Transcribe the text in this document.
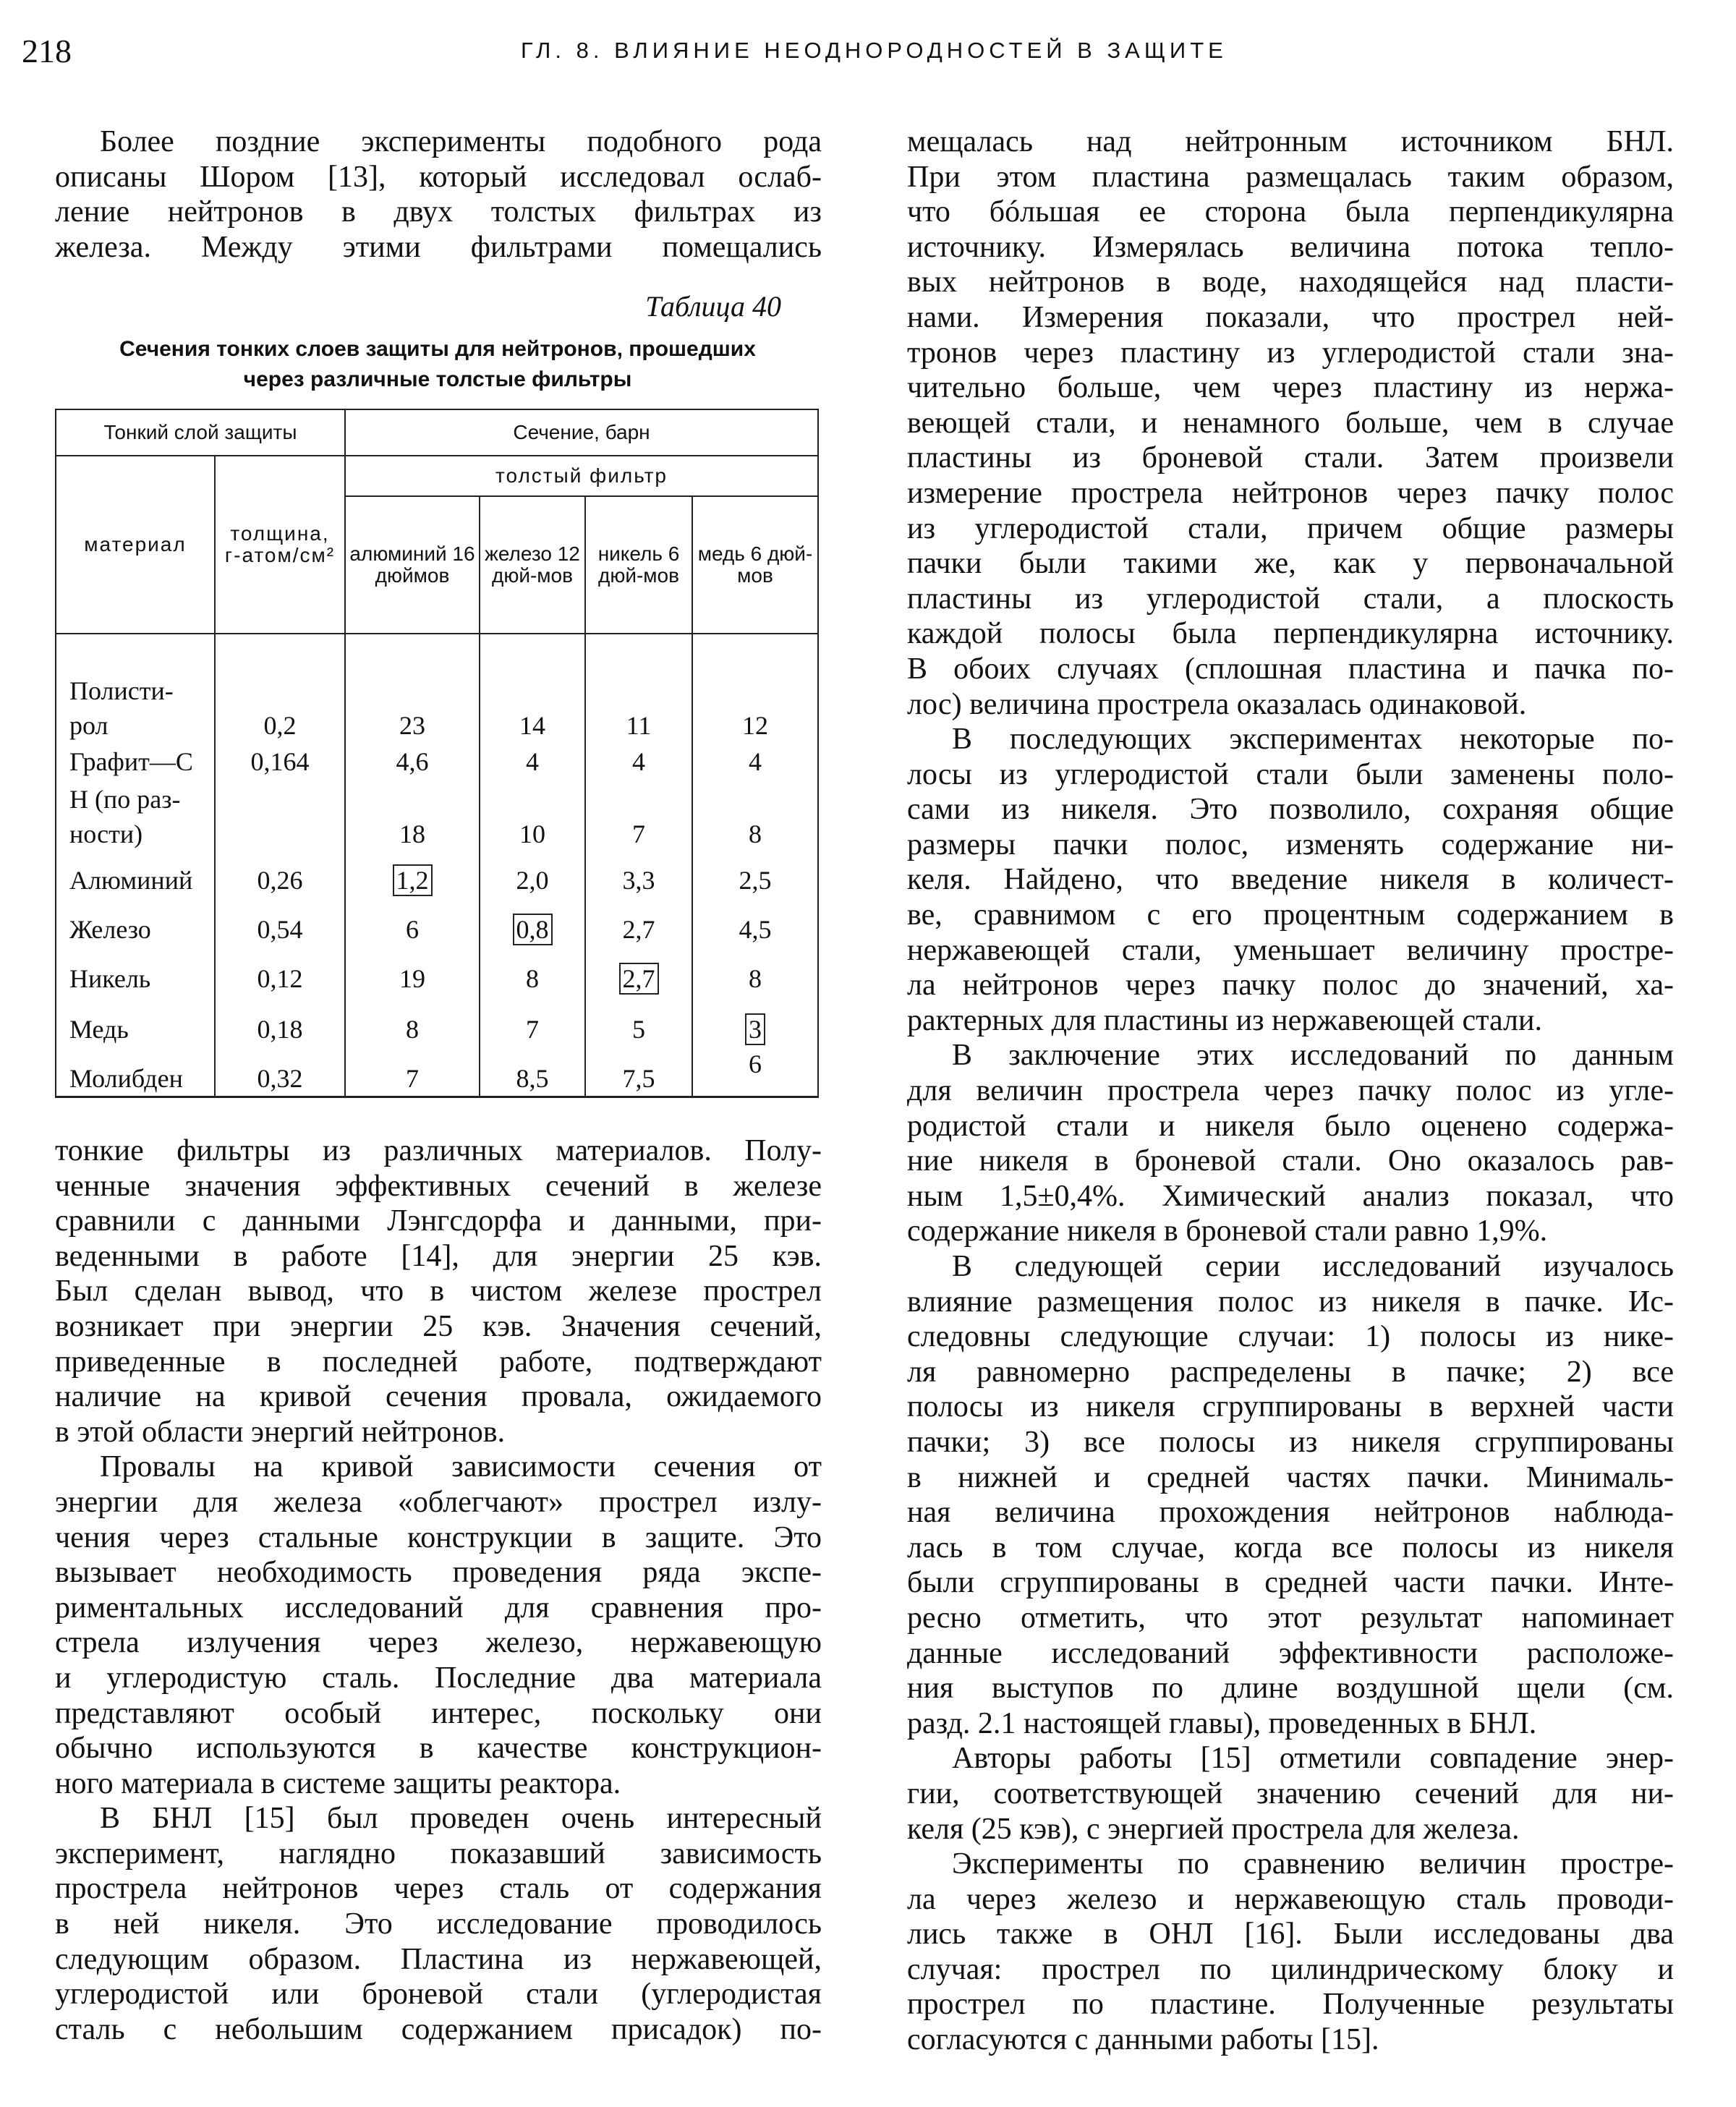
218	ГЛ. 8. ВЛИЯНИЕ НЕОДНОРОДНОСТЕЙ В ЗАЩИТЕ
Более поздние эксперименты подобного рода
описаны Шором [13], который исследовал ослаб-
ление нейтронов в двух толстых фильтрах из
железа. Между этими фильтрами помещались
Таблица 40
Сечения тонких слоев защиты для нейтронов, прошедших
через различные толстые фильтры
Тонкий слой защиты		Сечение, барн			
материал	толщина, г-атом/см²	толстый фильтр			
		алюминий 16 дюймов	железо 12 дюй-мов	никель 6 дюй-мов	медь 6 дюй-мов
Полисти-
рол	0,2	23	14	11	12
Графит—С	0,164	4,6	4	4	4
Н (по раз-
ности)		18	10	7	8
Алюминий	0,26	1,2	2,0	3,3	2,5
Железо	0,54	6	0,8	2,7	4,5
Никель	0,12	19	8	2,7	8
Медь	0,18	8	7	5	3
Молибден	0,32	7	8,5	7,5	6
тонкие фильтры из различных материалов. Полу-
ченные значения эффективных сечений в железе
сравнили с данными Лэнгсдорфа и данными, при-
веденными в работе [14], для энергии 25 кэв.
Был сделан вывод, что в чистом железе прострел
возникает при энергии 25 кэв. Значения сечений,
приведенные в последней работе, подтверждают
наличие на кривой сечения провала, ожидаемого
в этой области энергий нейтронов.
Провалы на кривой зависимости сечения от
энергии для железа «облегчают» прострел излу-
чения через стальные конструкции в защите. Это
вызывает необходимость проведения ряда экспе-
риментальных исследований для сравнения про-
стрела излучения через железо, нержавеющую
и углеродистую сталь. Последние два материала
представляют особый интерес, поскольку они
обычно используются в качестве конструкцион-
ного материала в системе защиты реактора.
В БНЛ [15] был проведен очень интересный
эксперимент, наглядно показавший зависимость
прострела нейтронов через сталь от содержания
в ней никеля. Это исследование проводилось
следующим образом. Пластина из нержавеющей,
углеродистой или броневой стали (углеродистая
сталь с небольшим содержанием присадок) по-
мещалась над нейтронным источником БНЛ.
При этом пластина размещалась таким образом,
что бóльшая ее сторона была перпендикулярна
источнику. Измерялась величина потока тепло-
вых нейтронов в воде, находящейся над пласти-
нами. Измерения показали, что прострел ней-
тронов через пластину из углеродистой стали зна-
чительно больше, чем через пластину из нержа-
веющей стали, и ненамного больше, чем в случае
пластины из броневой стали. Затем произвели
измерение прострела нейтронов через пачку полос
из углеродистой стали, причем общие размеры
пачки были такими же, как у первоначальной
пластины из углеродистой стали, а плоскость
каждой полосы была перпендикулярна источнику.
В обоих случаях (сплошная пластина и пачка по-
лос) величина прострела оказалась одинаковой.
В последующих экспериментах некоторые по-
лосы из углеродистой стали были заменены поло-
сами из никеля. Это позволило, сохраняя общие
размеры пачки полос, изменять содержание ни-
келя. Найдено, что введение никеля в количест-
ве, сравнимом с его процентным содержанием в
нержавеющей стали, уменьшает величину простре-
ла нейтронов через пачку полос до значений, ха-
рактерных для пластины из нержавеющей стали.
В заключение этих исследований по данным
для величин прострела через пачку полос из угле-
родистой стали и никеля было оценено содержа-
ние никеля в броневой стали. Оно оказалось рав-
ным 1,5±0,4%. Химический анализ показал, что
содержание никеля в броневой стали равно 1,9%.
В следующей серии исследований изучалось
влияние размещения полос из никеля в пачке. Ис-
следовны следующие случаи: 1) полосы из нике-
ля равномерно распределены в пачке; 2) все
полосы из никеля сгруппированы в верхней части
пачки; 3) все полосы из никеля сгруппированы
в нижней и средней частях пачки. Минималь-
ная величина прохождения нейтронов наблюда-
лась в том случае, когда все полосы из никеля
были сгруппированы в средней части пачки. Инте-
ресно отметить, что этот результат напоминает
данные исследований эффективности расположе-
ния выступов по длине воздушной щели (см.
разд. 2.1 настоящей главы), проведенных в БНЛ.
Авторы работы [15] отметили совпадение энер-
гии, соответствующей значению сечений для ни-
келя (25 кэв), с энергией прострела для железа.
Эксперименты по сравнению величин простре-
ла через железо и нержавеющую сталь проводи-
лись также в ОНЛ [16]. Были исследованы два
случая: прострел по цилиндрическому блоку и
прострел по пластине. Полученные результаты
согласуются с данными работы [15].
